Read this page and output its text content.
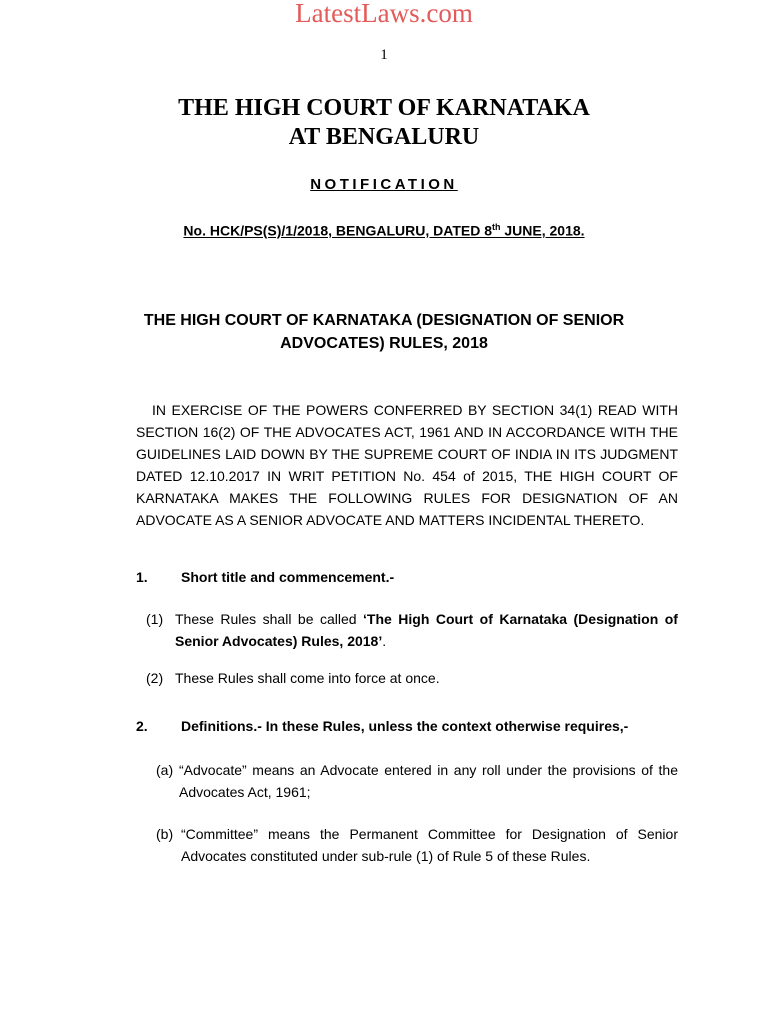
LatestLaws.com
1
THE HIGH COURT OF KARNATAKA
AT BENGALURU
NOTIFICATION
No. HCK/PS(S)/1/2018, BENGALURU, DATED 8th JUNE, 2018.
THE HIGH COURT OF KARNATAKA (DESIGNATION OF SENIOR
ADVOCATES) RULES, 2018
IN EXERCISE OF THE POWERS CONFERRED BY SECTION 34(1) READ WITH SECTION 16(2) OF THE ADVOCATES ACT, 1961 AND IN ACCORDANCE WITH THE GUIDELINES LAID DOWN BY THE SUPREME COURT OF INDIA IN ITS JUDGMENT DATED 12.10.2017 IN WRIT PETITION No. 454 of 2015, THE HIGH COURT OF KARNATAKA MAKES THE FOLLOWING RULES FOR DESIGNATION OF AN ADVOCATE AS A SENIOR ADVOCATE AND MATTERS INCIDENTAL THERETO.
1. Short title and commencement.-
(1) These Rules shall be called ‘The High Court of Karnataka (Designation of Senior Advocates) Rules, 2018’.
(2) These Rules shall come into force at once.
2. Definitions.- In these Rules, unless the context otherwise requires,-
(a) “Advocate” means an Advocate entered in any roll under the provisions of the Advocates Act, 1961;
(b) “Committee” means the Permanent Committee for Designation of Senior Advocates constituted under sub-rule (1) of Rule 5 of these Rules.
